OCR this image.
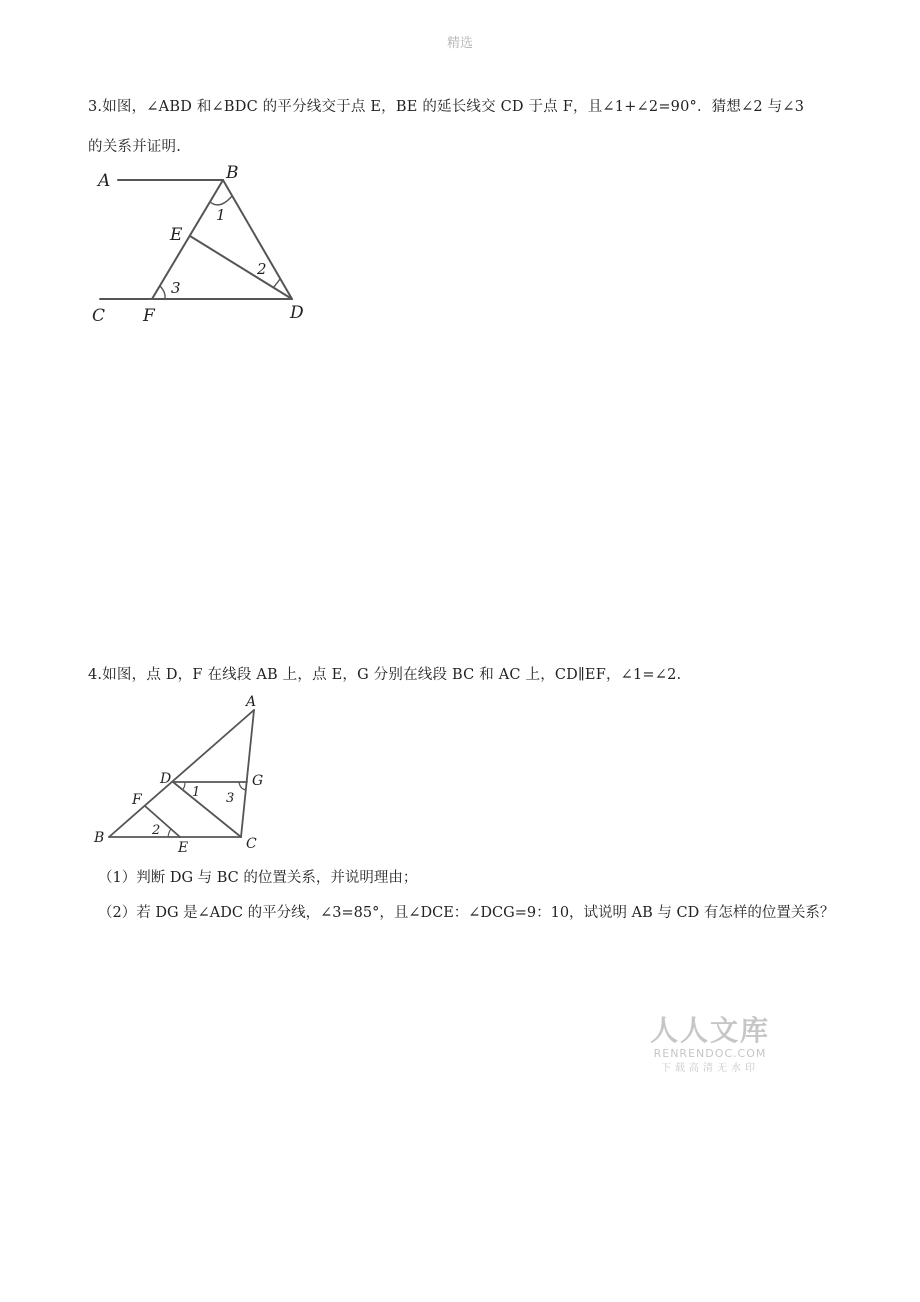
精选
3.如图，∠ABD 和∠BDC 的平分线交于点 E，BE 的延长线交 CD 于点 F，且∠1+∠2=90°．猜想∠2 与∠3
的关系并证明.
A	B
E
C F	D
1
2
3
4.如图，点 D，F 在线段 AB 上，点 E，G 分别在线段 BC 和 AC 上，CD∥EF，∠1=∠2.
A
D	G
F
B
E	C
1 3
2
（1）判断 DG 与 BC 的位置关系，并说明理由；
（2）若 DG 是∠ADC 的平分线，∠3=85°，且∠DCE：∠DCG=9：10，试说明 AB 与 CD 有怎样的位置关系？
人人文库
RENRENDOC.COM
下载高清无水印
